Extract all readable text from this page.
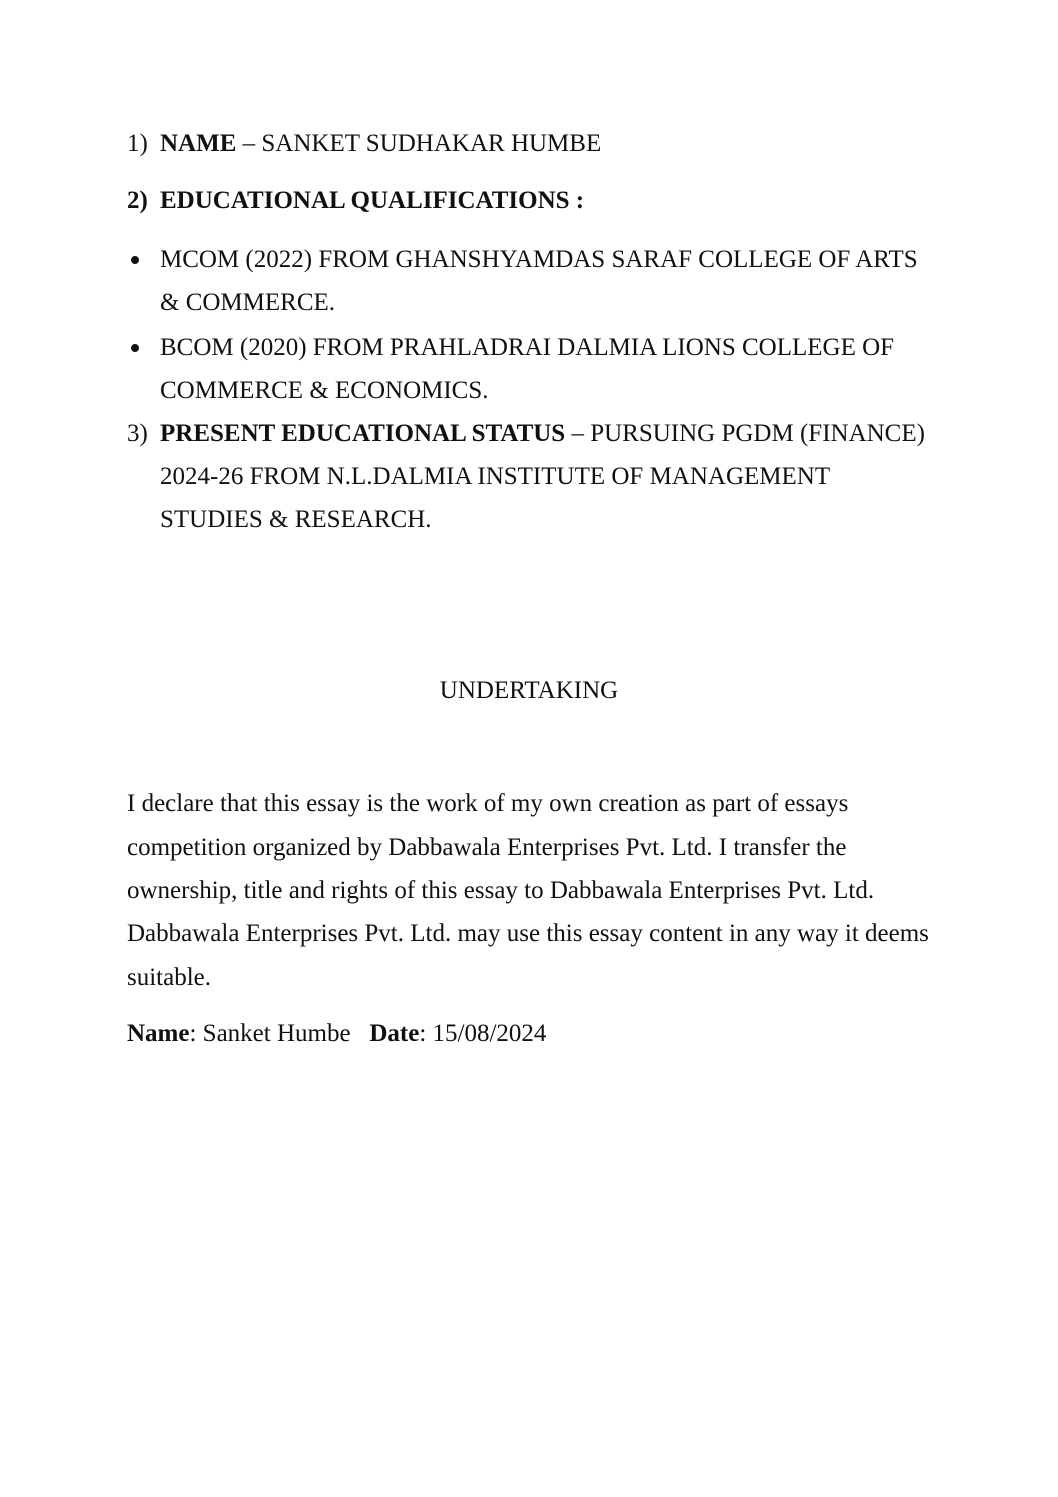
1) NAME – SANKET SUDHAKAR HUMBE
2) EDUCATIONAL QUALIFICATIONS :
MCOM (2022) FROM GHANSHYAMDAS SARAF COLLEGE OF ARTS
& COMMERCE.
BCOM (2020) FROM PRAHLADRAI DALMIA LIONS COLLEGE OF
COMMERCE & ECONOMICS.
3) PRESENT EDUCATIONAL STATUS – PURSUING PGDM (FINANCE)
2024-26 FROM N.L.DALMIA INSTITUTE OF MANAGEMENT
STUDIES & RESEARCH.
UNDERTAKING
I declare that this essay is the work of my own creation as part of essays
competition organized by Dabbawala Enterprises Pvt. Ltd. I transfer the
ownership, title and rights of this essay to Dabbawala Enterprises Pvt. Ltd.
Dabbawala Enterprises Pvt. Ltd. may use this essay content in any way it deems
suitable.
Name: Sanket Humbe Date: 15/08/2024
